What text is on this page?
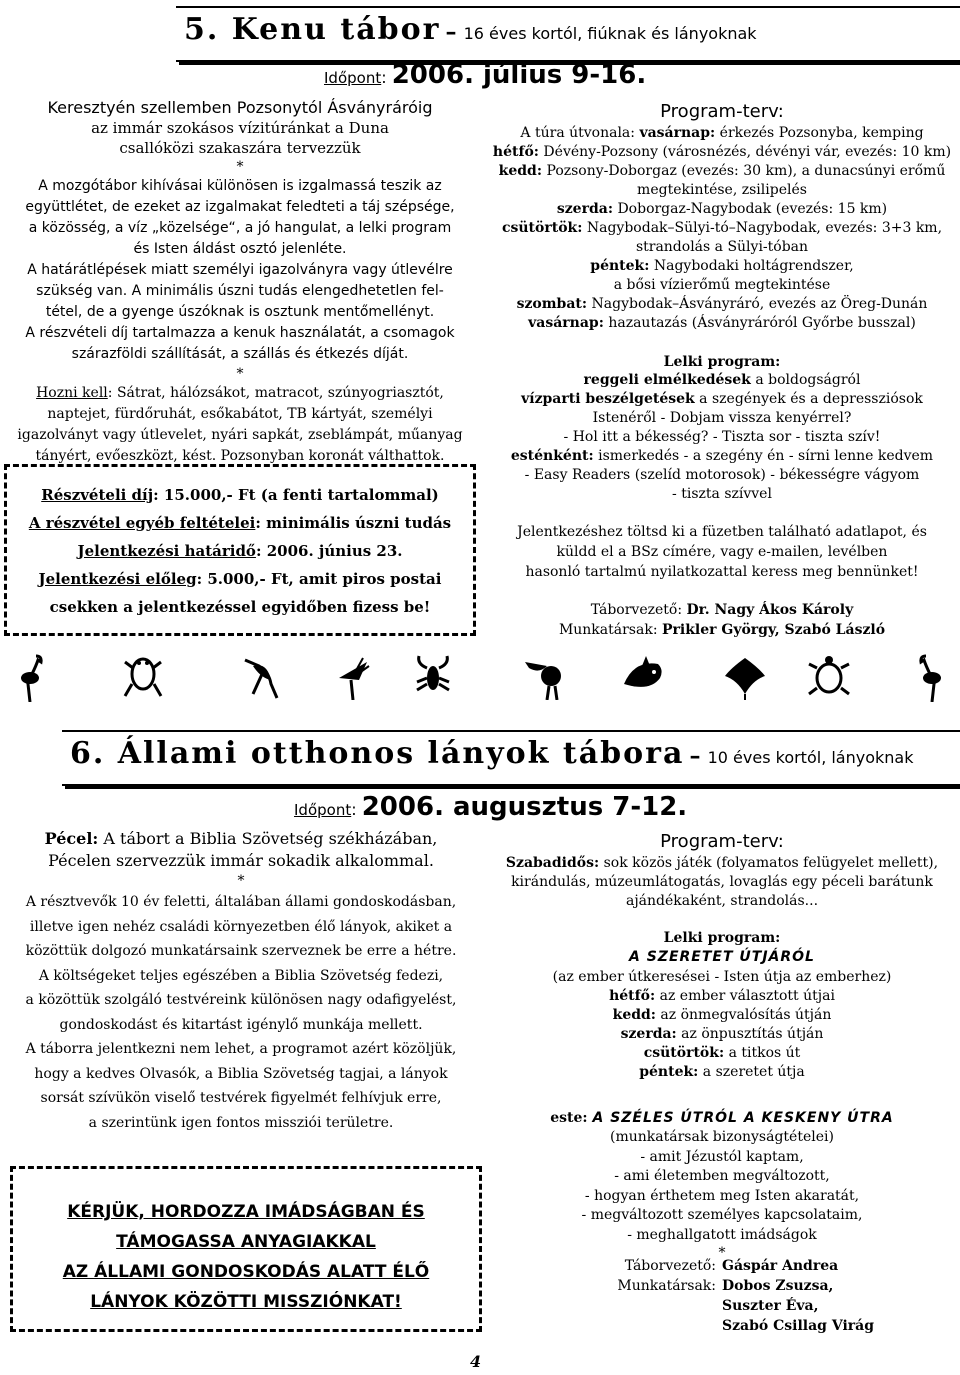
5. Kenu tábor – 16 éves kortól, fiúknak és lányoknak
Időpont: 2006. július 9-16.
Keresztyén szellemben Pozsonytól Ásványráróig
az immár szokásos vízitúránkat a Duna
csallóközi szakaszára tervezzük
*
A mozgótábor kihívásai különösen is izgalmassá teszik az
együttlétet, de ezeket az izgalmakat feledteti a táj szépsége,
a közösség, a víz „közelsége“, a jó hangulat, a lelki program
és Isten áldást osztó jelenléte.
A határátlépések miatt személyi igazolványra vagy útlevélre
szükség van. A minimális úszni tudás elengedhetetlen fel-
tétel, de a gyenge úszóknak is osztunk mentőmellényt.
A részvételi díj tartalmazza a kenuk használatát, a csomagok
szárazföldi szállítását, a szállás és étkezés díját.
*
Hozni kell: Sátrat, hálózsákot, matracot, szúnyogriasztót,
naptejet, fürdőruhát, esőkabátot, TB kártyát, személyi
igazolványt vagy útlevelet, nyári sapkát, zseblámpát, műanyag
tányért, evőeszközt, kést. Pozsonyban koronát válthattok.
Részvételi díj: 15.000,- Ft (a fenti tartalommal)
A részvétel egyéb feltételei: minimális úszni tudás
Jelentkezési határidő: 2006. június 23.
Jelentkezési előleg: 5.000,- Ft, amit piros postai
csekken a jelentkezéssel egyidőben fizess be!
Program-terv:
A túra útvonala: vasárnap: érkezés Pozsonyba, kemping
hétfő: Dévény-Pozsony (városnézés, dévényi vár, evezés: 10 km)
kedd: Pozsony-Doborgaz (evezés: 30 km), a dunacsúnyi erőmű
megtekintése, zsilipelés
szerda: Doborgaz-Nagybodak (evezés: 15 km)
csütörtök: Nagybodak–Sülyi-tó–Nagybodak, evezés: 3+3 km,
strandolás a Sülyi-tóban
péntek: Nagybodaki holtágrendszer,
a bősi vízierőmű megtekintése
szombat: Nagybodak–Ásványráró, evezés az Öreg-Dunán
vasárnap: hazautazás (Ásványráróról Győrbe busszal)
Lelki program:
reggeli elmélkedések a boldogságról
vízparti beszélgetések a szegények és a depressziósok
Istenéről - Dobjam vissza kenyérrel?
- Hol itt a békesség? - Tiszta sor - tiszta szív!
esténként: ismerkedés - a szegény én - sírni lenne kedvem
- Easy Readers (szelíd motorosok) - békességre vágyom
- tiszta szívvel
Jelentkezéshez töltsd ki a füzetben található adatlapot, és
küldd el a BSz címére, vagy e-mailen, levélben
hasonló tartalmú nyilatkozattal keress meg bennünket!
Táborvezető: Dr. Nagy Ákos Károly
Munkatársak: Prikler György, Szabó László
6. Állami otthonos lányok tábora – 10 éves kortól, lányoknak
Időpont: 2006. augusztus 7-12.
Pécel: A tábort a Biblia Szövetség székházában,
Pécelen szervezzük immár sokadik alkalommal.
*
A résztvevők 10 év feletti, általában állami gondoskodásban,
illetve igen nehéz családi környezetben élő lányok, akiket a
közöttük dolgozó munkatársaink szerveznek be erre a hétre.
A költségeket teljes egészében a Biblia Szövetség fedezi,
a közöttük szolgáló testvéreink különösen nagy odafigyelést,
gondoskodást és kitartást igénylő munkája mellett.
A táborra jelentkezni nem lehet, a programot azért közöljük,
hogy a kedves Olvasók, a Biblia Szövetség tagjai, a lányok
sorsát szívükön viselő testvérek figyelmét felhívjuk erre,
a szerintünk igen fontos missziói területre.
KÉRJÜK, HORDOZZA IMÁDSÁGBAN ÉS
TÁMOGASSA ANYAGIAKKAL
AZ ÁLLAMI GONDOSKODÁS ALATT ÉLŐ
LÁNYOK KÖZÖTTI MISSZIÓNKAT!
Program-terv:
Szabadidős: sok közös játék (folyamatos felügyelet mellett),
kirándulás, múzeumlátogatás, lovaglás egy péceli barátunk
ajándékaként, strandolás...
Lelki program:
A SZERETET ÚTJÁRÓL
(az ember útkeresései - Isten útja az emberhez)
hétfő: az ember választott útjai
kedd: az önmegvalósítás útján
szerda: az önpusztítás útján
csütörtök: a titkos út
péntek: a szeretet útja
este: A SZÉLES ÚTRÓL A KESKENY ÚTRA
(munkatársak bizonyságtételei)
- amit Jézustól kaptam,
- ami életemben megváltozott,
- hogyan érthetem meg Isten akaratát,
- megváltozott személyes kapcsolataim,
- meghallgatott imádságok
*
Táborvezető: Gáspár Andrea
Munkatársak: Dobos Zsuzsa,
Suszter Éva,
Szabó Csillag Virág
4
